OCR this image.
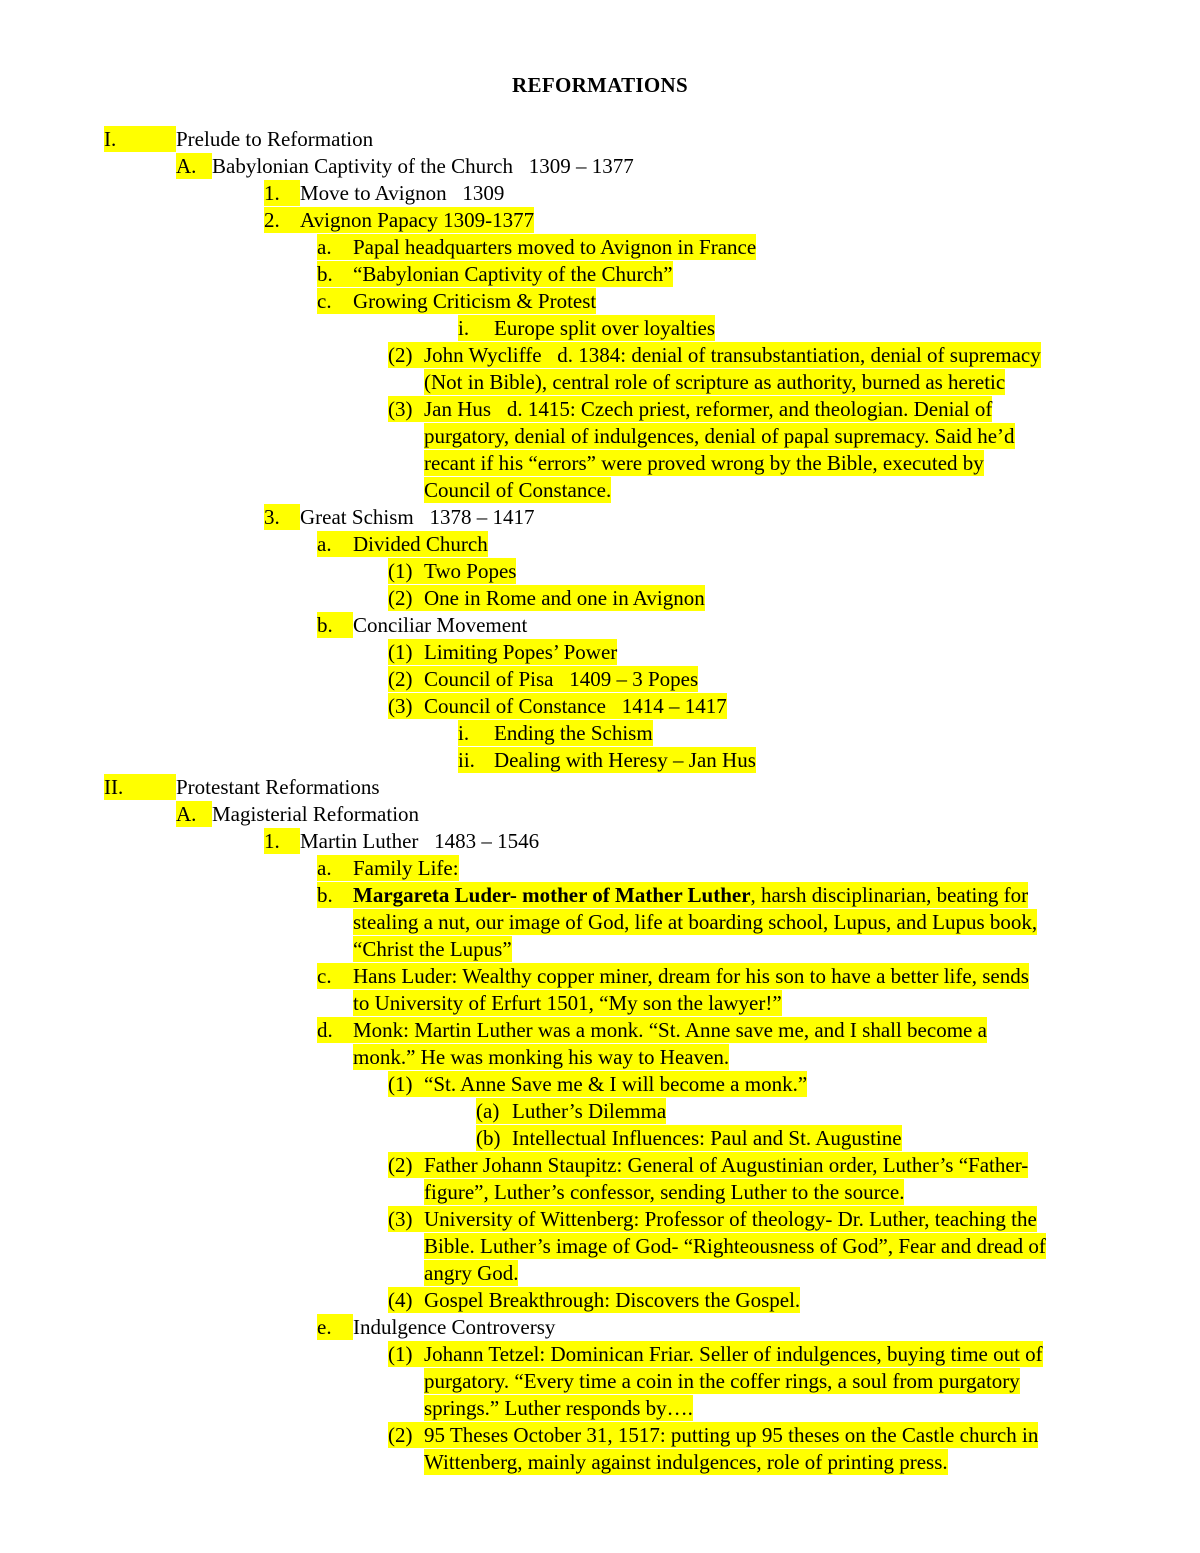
REFORMATIONS
I.	Prelude to Reformation
A. Babylonian Captivity of the Church   1309 – 1377
1. Move to Avignon   1309
2. Avignon Papacy 1309-1377
a.	Papal headquarters moved to Avignon in France
b. “Babylonian Captivity of the Church”
c.	Growing Criticism & Protest
i.	Europe split over loyalties
(2) John Wycliffe   d. 1384: denial of transubstantiation, denial of supremacy
(Not in Bible), central role of scripture as authority, burned as heretic
(3) Jan Hus   d. 1415: Czech priest, reformer, and theologian. Denial of
purgatory, denial of indulgences, denial of papal supremacy. Said he’d
recant if his “errors” were proved wrong by the Bible, executed by
Council of Constance.
3. Great Schism   1378 – 1417
a.	Divided Church
(1) Two Popes
(2) One in Rome and one in Avignon
b. Conciliar Movement
(1) Limiting Popes’ Power
(2) Council of Pisa   1409 – 3 Popes
(3) Council of Constance   1414 – 1417
i.	Ending the Schism
ii. Dealing with Heresy – Jan Hus
II.	Protestant Reformations
A. Magisterial Reformation
1. Martin Luther   1483 – 1546
a.	Family Life:
b. Margareta Luder- mother of Mather Luther, harsh disciplinarian, beating for
stealing a nut, our image of God, life at boarding school, Lupus, and Lupus book,
“Christ the Lupus”
c.	Hans Luder: Wealthy copper miner, dream for his son to have a better life, sends
to University of Erfurt 1501, “My son the lawyer!”
d. Monk: Martin Luther was a monk. “St. Anne save me, and I shall become a
monk.” He was monking his way to Heaven.
(1) “St. Anne Save me & I will become a monk.”
(a) Luther’s Dilemma
(b) Intellectual Influences: Paul and St. Augustine
(2) Father Johann Staupitz: General of Augustinian order, Luther’s “Father-
figure”, Luther’s confessor, sending Luther to the source.
(3) University of Wittenberg: Professor of theology- Dr. Luther, teaching the
Bible. Luther’s image of God- “Righteousness of God”, Fear and dread of
angry God.
(4) Gospel Breakthrough: Discovers the Gospel.
e.	Indulgence Controversy
(1) Johann Tetzel: Dominican Friar. Seller of indulgences, buying time out of
purgatory. “Every time a coin in the coffer rings, a soul from purgatory
springs.” Luther responds by….
(2) 95 Theses October 31, 1517: putting up 95 theses on the Castle church in
Wittenberg, mainly against indulgences, role of printing press.
